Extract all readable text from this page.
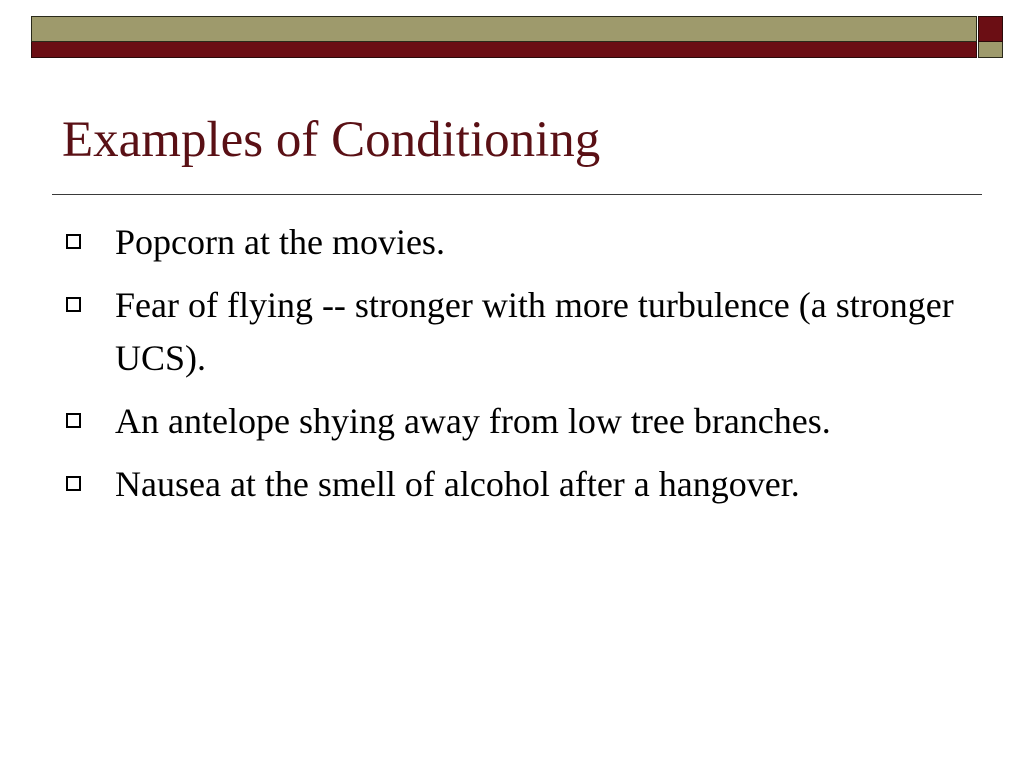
Examples of Conditioning
Popcorn at the movies.
Fear of flying -- stronger with more turbulence (a stronger UCS).
An antelope shying away from low tree branches.
Nausea at the smell of alcohol after a hangover.
